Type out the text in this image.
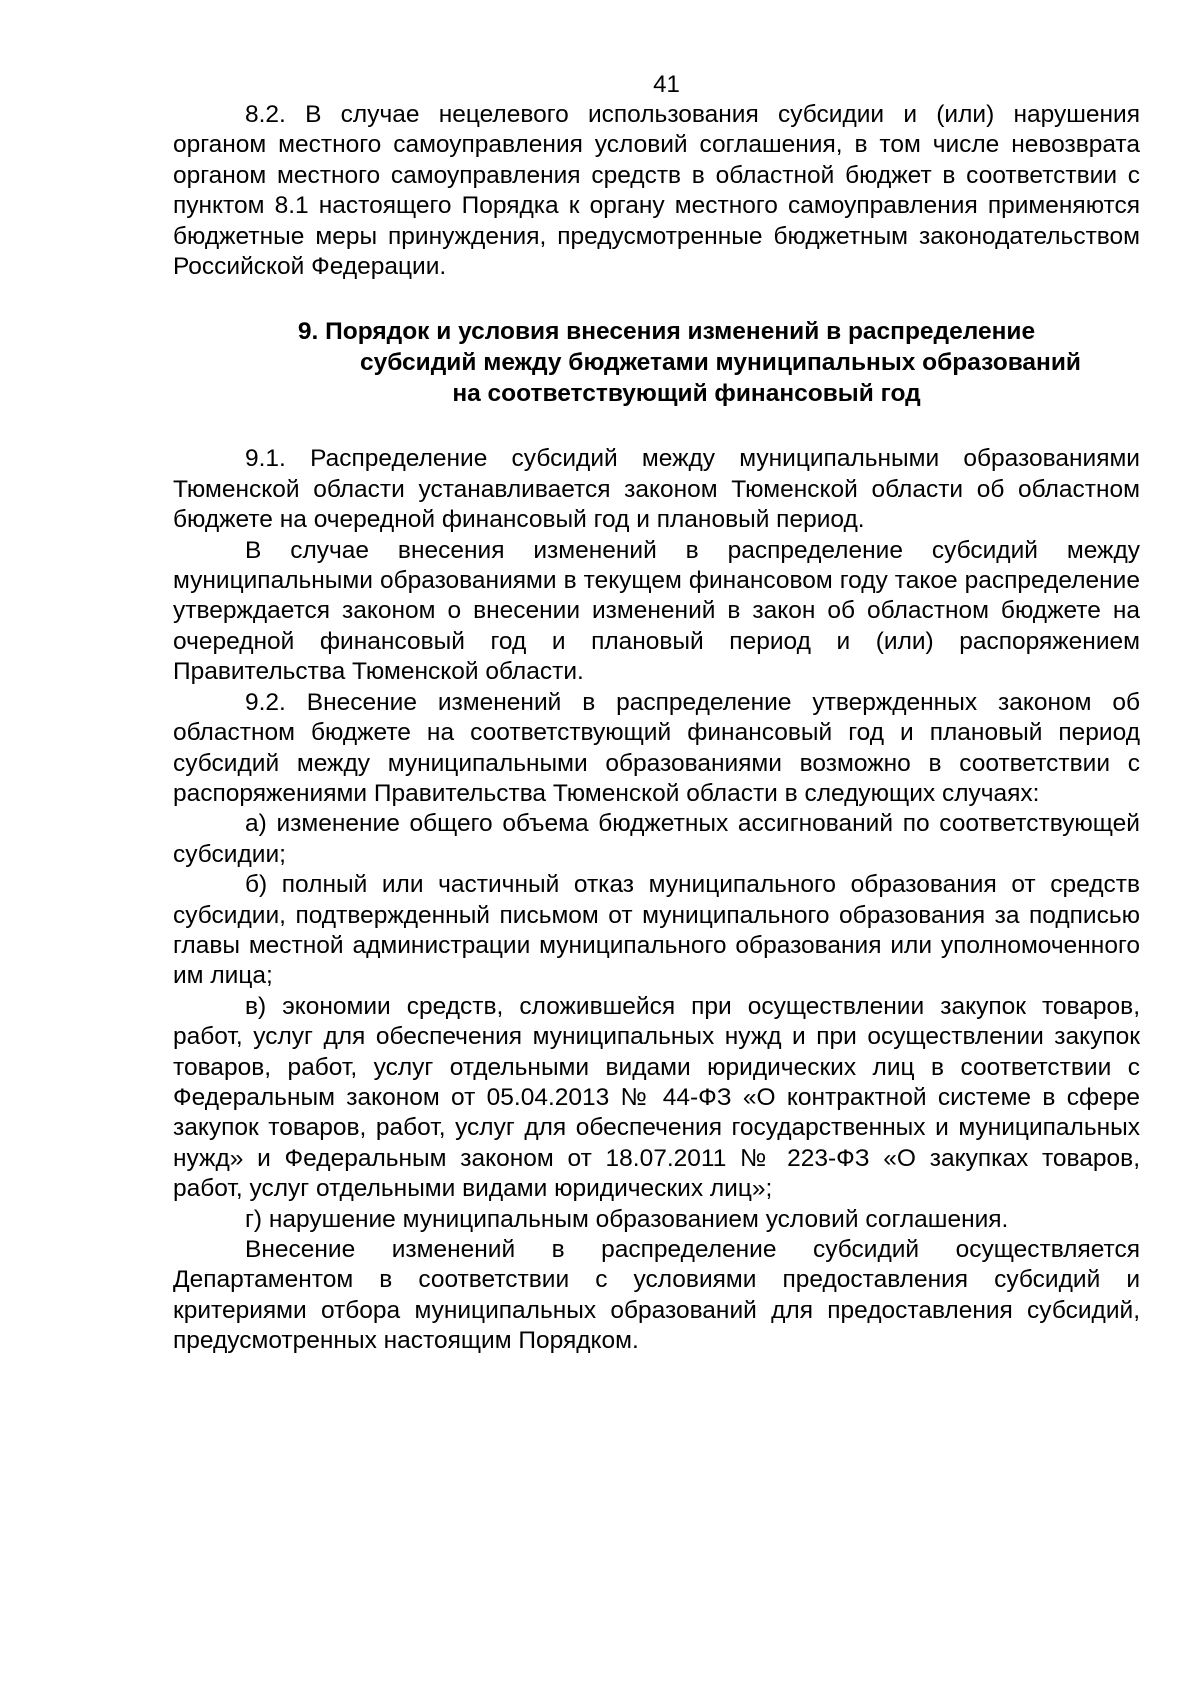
41

8.2. В случае нецелевого использования субсидии и (или) нарушения органом местного самоуправления условий соглашения, в том числе невозврата органом местного самоуправления средств в областной бюджет в соответствии с пунктом 8.1 настоящего Порядка к органу местного самоуправления применяются бюджетные меры принуждения, предусмотренные бюджетным законодательством Российской Федерации.

9. Порядок и условия внесения изменений в распределение
субсидий между бюджетами муниципальных образований
на соответствующий финансовый год

9.1. Распределение субсидий между муниципальными образованиями Тюменской области устанавливается законом Тюменской области об областном бюджете на очередной финансовый год и плановый период.

В случае внесения изменений в распределение субсидий между муниципальными образованиями в текущем финансовом году такое распределение утверждается законом о внесении изменений в закон об областном бюджете на очередной финансовый год и плановый период и (или) распоряжением Правительства Тюменской области.

9.2. Внесение изменений в распределение утвержденных законом об областном бюджете на соответствующий финансовый год и плановый период субсидий между муниципальными образованиями возможно в соответствии с распоряжениями Правительства Тюменской области в следующих случаях:

а) изменение общего объема бюджетных ассигнований по соответствующей субсидии;

б) полный или частичный отказ муниципального образования от средств субсидии, подтвержденный письмом от муниципального образования за подписью главы местной администрации муниципального образования или уполномоченного им лица;

в) экономии средств, сложившейся при осуществлении закупок товаров, работ, услуг для обеспечения муниципальных нужд и при осуществлении закупок товаров, работ, услуг отдельными видами юридических лиц в соответствии с Федеральным законом от 05.04.2013 № 44-ФЗ «О контрактной системе в сфере закупок товаров, работ, услуг для обеспечения государственных и муниципальных нужд» и Федеральным законом от 18.07.2011 № 223-ФЗ «О закупках товаров, работ, услуг отдельными видами юридических лиц»;

г) нарушение муниципальным образованием условий соглашения.

Внесение изменений в распределение субсидий осуществляется Департаментом в соответствии с условиями предоставления субсидий и критериями отбора муниципальных образований для предоставления субсидий, предусмотренных настоящим Порядком.
